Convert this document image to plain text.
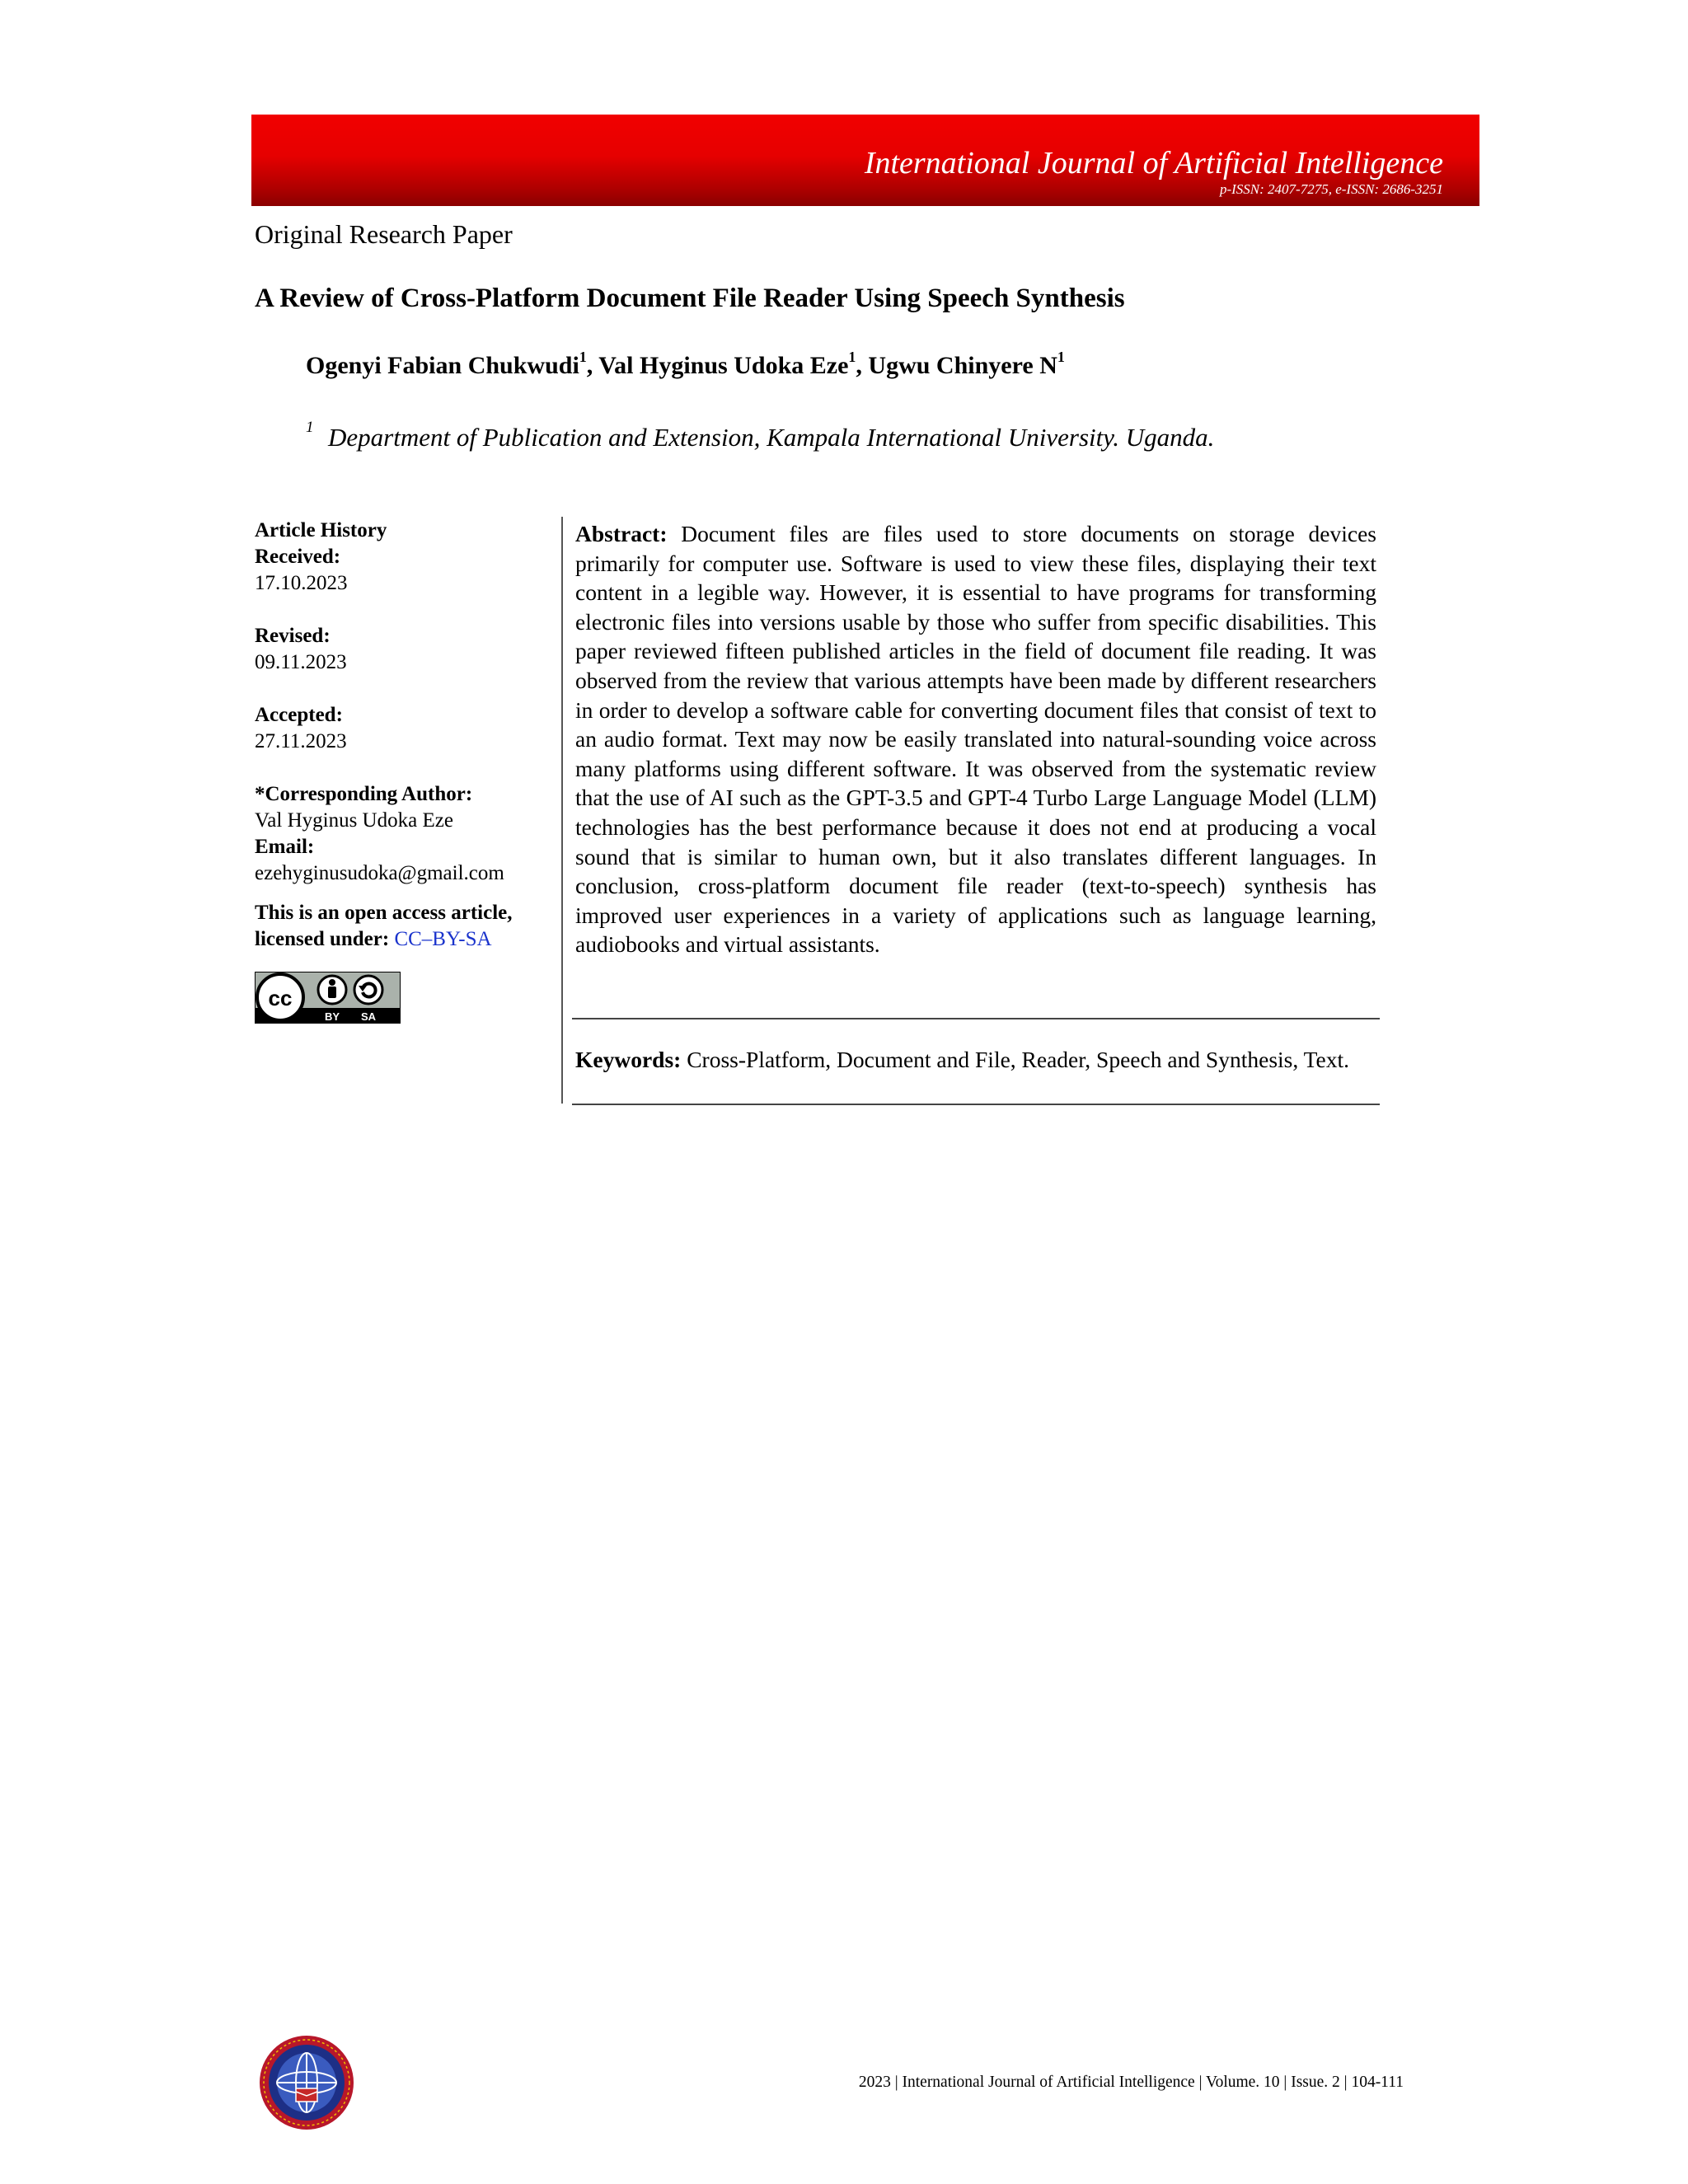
International Journal of Artificial Intelligence
p-ISSN: 2407-7275, e-ISSN: 2686-3251
Original Research Paper
A Review of Cross-Platform Document File Reader Using Speech Synthesis
Ogenyi Fabian Chukwudi$^1$, Val Hyginus Udoka Eze$^1$, Ugwu Chinyere $N^1$
1 Department of Publication and Extension, Kampala International University. Uganda.
Article History
Received:
17.10.2023
Revised:
09.11.2023
Accepted:
27.11.2023
*Corresponding Author:
Val Hyginus Udoka Eze
Email:
ezehyginusudoka@gmail.com
This is an open access article,
licensed under: CC–BY-SA
cc
BY SA
Abstract: Document files are files used to store documents on storage devices primarily for computer use. Software is used to view these files, displaying their text content in a legible way. However, it is essential to have programs for transforming electronic files into versions usable by those who suffer from specific disabilities. This paper reviewed fifteen published articles in the field of document file reading. It was observed from the review that various attempts have been made by different researchers in order to develop a software cable for converting document files that consist of text to an audio format. Text may now be easily translated into natural-sounding voice across many platforms using different software. It was observed from the systematic review that the use of AI such as the GPT-3.5 and GPT-4 Turbo Large Language Model (LLM) technologies has the best performance because it does not end at producing a vocal sound that is similar to human own, but it also translates different languages. In conclusion, cross-platform document file reader (text-to-speech) synthesis has improved user experiences in a variety of applications such as language learning, audiobooks and virtual assistants.
Keywords: Cross-Platform, Document and File, Reader, Speech and Synthesis, Text.
2023 | International Journal of Artificial Intelligence | Volume. 10 | Issue. 2 | 104-111
